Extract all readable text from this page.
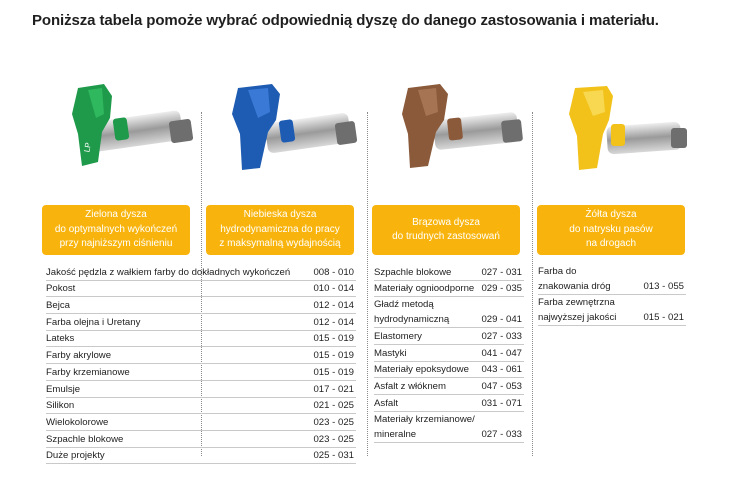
Poniższa tabela pomoże wybrać odpowiednią dyszę do danego zastosowania i materiału.
LP
Zielona dysza
do optymalnych wykończeń
przy najniższym ciśnieniu
Niebieska dysza
hydrodynamiczna do pracy
z maksymalną wydajnością
Brązowa dysza
do trudnych zastosowań
Żółta dysza
do natrysku pasów
na drogach
Jakość pędzla z wałkiem farby do dokładnych wykończeń 008 - 010
Pokost	010 - 014
Bejca	012 - 014
Farba olejna i Uretany	012 - 014
Lateks	015 - 019
Farby akrylowe	015 - 019
Farby krzemianowe	015 - 019
Emulsje	017 - 021
Silikon	021 - 025
Wielokolorowe	023 - 025
Szpachle blokowe	023 - 025
Duże projekty	025 - 031
Szpachle blokowe	027 - 031
Materiały ognioodporne 029 - 035
Gładź metodą
hydrodynamiczną	029 - 041
Elastomery	027 - 033
Mastyki	041 - 047
Materiały epoksydowe 043 - 061
Asfalt z włóknem	047 - 053
Asfalt	031 - 071
Materiały krzemianowe/
mineralne	027 - 033
Farba do
znakowania dróg	013 - 055
Farba zewnętrzna
najwyższej jakości	015 - 021
